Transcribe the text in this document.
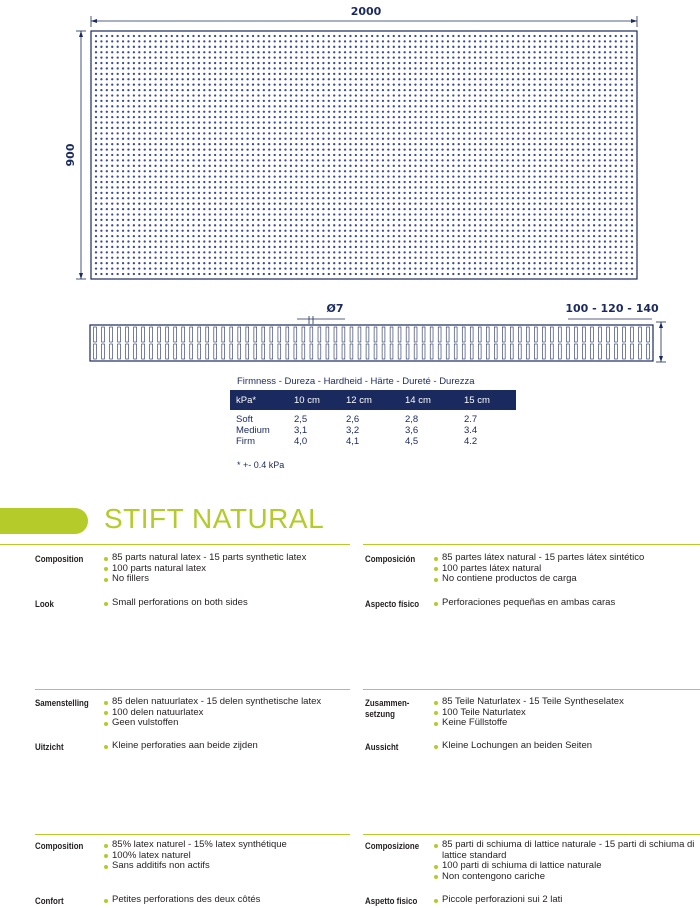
2000
900
Ø7	100 - 120 - 140
Firmness - Dureza - Hardheid - Härte - Dureté - Durezza
kPa*	10 cm	12 cm	14 cm	15 cm
Soft	2,5	2,6	2,8	2.7
Medium	3,1	3,2	3,6	3.4
Firm	4,0	4,1	4,5	4.2
* +- 0.4 kPa
STIFT NATURAL
Composition	85 parts natural latex - 15 parts synthetic latex
100 parts natural latex
No fillers
Look	Small perforations on both sides
Composición	85 partes látex natural - 15 partes látex sintético
100 partes látex natural
No contiene productos de carga
Aspecto físico	Perforaciones pequeñas en ambas caras
Samenstelling	85 delen natuurlatex - 15 delen synthetische latex
100 delen natuurlatex
Geen vulstoffen
Uitzicht	Kleine perforaties aan beide zijden
Zusammen-
setzung
85 Teile Naturlatex - 15 Teile Syntheselatex
100 Teile Naturlatex
Keine Füllstoffe
Aussicht	Kleine Lochungen an beiden Seiten
Composition	85% latex naturel - 15% latex synthétique
100% latex naturel
Sans additifs non actifs
Confort	Petites perforations des deux côtés
Composizione	85 parti di schiuma di lattice naturale - 15 parti di schiuma di lattice standard
100 parti di schiuma di lattice naturale
Non contengono cariche
Aspetto fisico	Piccole perforazioni sui 2 lati
